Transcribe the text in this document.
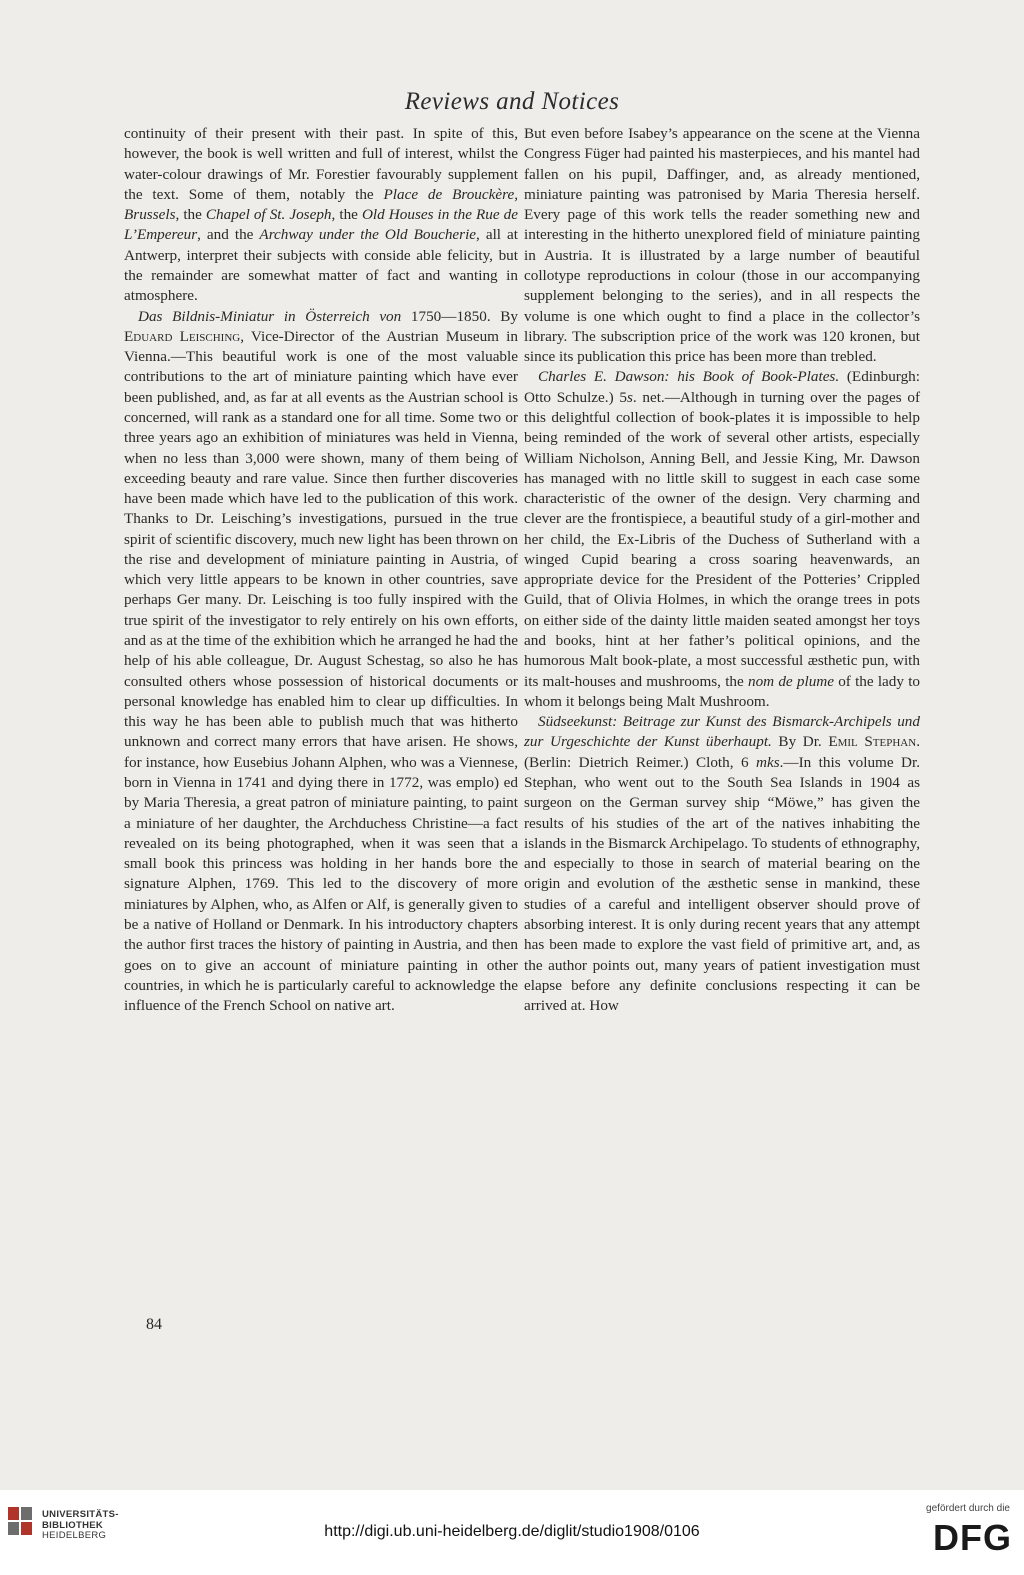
Reviews and Notices

continuity of their present with their past. In spite of this, however, the book is well written and full of interest, whilst the water-colour drawings of Mr. Forestier favourably supplement the text. Some of them, notably the Place de Brouckère, Brussels, the Chapel of St. Joseph, the Old Houses in the Rue de L’Empereur, and the Archway under the Old Boucherie, all at Antwerp, interpret their subjects with conside able felicity, but the remainder are somewhat matter of fact and wanting in atmosphere.

Das Bildnis-Miniatur in Österreich von 1750—1850. By Eduard Leisching, Vice-Director of the Austrian Museum in Vienna.—This beautiful work is one of the most valuable contributions to the art of miniature painting which have ever been published, and, as far at all events as the Austrian school is concerned, will rank as a standard one for all time. Some two or three years ago an exhibition of miniatures was held in Vienna, when no less than 3,000 were shown, many of them being of exceeding beauty and rare value. Since then further discoveries have been made which have led to the publication of this work. Thanks to Dr. Leisching’s investigations, pursued in the true spirit of scientific discovery, much new light has been thrown on the rise and development of miniature painting in Austria, of which very little appears to be known in other countries, save perhaps Ger many. Dr. Leisching is too fully inspired with the true spirit of the investigator to rely entirely on his own efforts, and as at the time of the exhibition which he arranged he had the help of his able colleague, Dr. August Schestag, so also he has consulted others whose possession of historical documents or personal knowledge has enabled him to clear up difficulties. In this way he has been able to publish much that was hitherto unknown and correct many errors that have arisen. He shows, for instance, how Eusebius Johann Alphen, who was a Viennese, born in Vienna in 1741 and dying there in 1772, was emplo) ed by Maria Theresia, a great patron of miniature painting, to paint a miniature of her daughter, the Archduchess Christine—a fact revealed on its being photographed, when it was seen that a small book this princess was holding in her hands bore the signature Alphen, 1769. This led to the discovery of more miniatures by Alphen, who, as Alfen or Alf, is generally given to be a native of Holland or Denmark. In his introductory chapters the author first traces the history of painting in Austria, and then goes on to give an account of miniature painting in other countries, in which he is particularly careful to acknowledge the influence of the French School on native art.

But even before Isabey’s appearance on the scene at the Vienna Congress Füger had painted his masterpieces, and his mantel had fallen on his pupil, Daffinger, and, as already mentioned, miniature painting was patronised by Maria Theresia herself. Every page of this work tells the reader something new and interesting in the hitherto unexplored field of miniature painting in Austria. It is illustrated by a large number of beautiful collotype reproductions in colour (those in our accompanying supplement belonging to the series), and in all respects the volume is one which ought to find a place in the collector’s library. The subscription price of the work was 120 kronen, but since its publication this price has been more than trebled.

Charles E. Dawson: his Book of Book-Plates. (Edinburgh: Otto Schulze.) 5s. net.—Although in turning over the pages of this delightful collection of book-plates it is impossible to help being reminded of the work of several other artists, especially William Nicholson, Anning Bell, and Jessie King, Mr. Dawson has managed with no little skill to suggest in each case some characteristic of the owner of the design. Very charming and clever are the frontispiece, a beautiful study of a girl-mother and her child, the Ex-Libris of the Duchess of Sutherland with a winged Cupid bearing a cross soaring heavenwards, an appropriate device for the President of the Potteries’ Crippled Guild, that of Olivia Holmes, in which the orange trees in pots on either side of the dainty little maiden seated amongst her toys and books, hint at her father’s political opinions, and the humorous Malt book-plate, a most successful æsthetic pun, with its malt-houses and mushrooms, the nom de plume of the lady to whom it belongs being Malt Mushroom.

Südseekunst: Beitrage zur Kunst des Bismarck-Archipels und zur Urgeschichte der Kunst überhaupt. By Dr. Emil Stephan. (Berlin: Dietrich Reimer.) Cloth, 6 mks.—In this volume Dr. Stephan, who went out to the South Sea Islands in 1904 as surgeon on the German survey ship “Möwe,” has given the results of his studies of the art of the natives inhabiting the islands in the Bismarck Archipelago. To students of ethnography, and especially to those in search of material bearing on the origin and evolution of the æsthetic sense in mankind, these studies of a careful and intelligent observer should prove of absorbing interest. It is only during recent years that any attempt has been made to explore the vast field of primitive art, and, as the author points out, many years of patient investigation must elapse before any definite conclusions respecting it can be arrived at. How

84
UNIVERSITÄTS-
BIBLIOTHEK
HEIDELBERG	http://digi.ub.uni-heidelberg.de/diglit/studio1908/0106
gefördert durch die
DFG
